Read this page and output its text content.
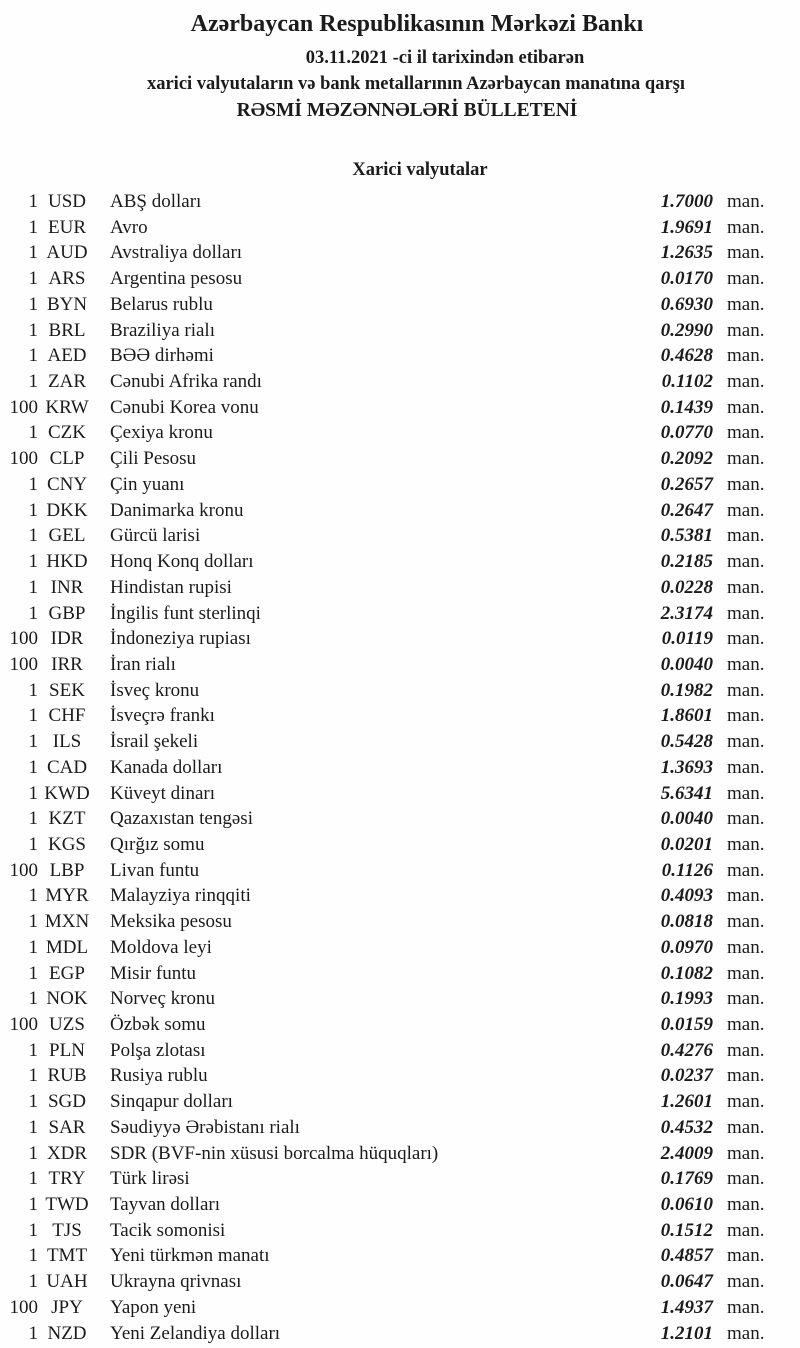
Azərbaycan Respublikasının Mərkəzi Bankı
03.11.2021 -ci il tarixindən etibarən
xarici valyutaların və bank metallarının Azərbaycan manatına qarşı
RƏSMİ MƏZƏNNƏLƏRİ BÜLLETENİ
Xarici valyutalar
1 USD	ABŞ dolları	1.7000 man.
1 EUR	Avro	1.9691 man.
1 AUD	Avstraliya dolları	1.2635 man.
1 ARS	Argentina pesosu	0.0170 man.
1 BYN	Belarus rublu	0.6930 man.
1 BRL	Braziliya rialı	0.2990 man.
1 AED	BƏƏ dirhəmi	0.4628 man.
1 ZAR	Cənubi Afrika randı	0.1102 man.
100 KRW	Cənubi Korea vonu	0.1439 man.
1 CZK	Çexiya kronu	0.0770 man.
100 CLP	Çili Pesosu	0.2092 man.
1 CNY	Çin yuanı	0.2657 man.
1 DKK	Danimarka kronu	0.2647 man.
1 GEL	Gürcü larisi	0.5381 man.
1 HKD	Honq Konq dolları	0.2185 man.
1 INR	Hindistan rupisi	0.0228 man.
1 GBP	İngilis funt sterlinqi	2.3174 man.
100 IDR	İndoneziya rupiası	0.0119 man.
100 IRR	İran rialı	0.0040 man.
1 SEK	İsveç kronu	0.1982 man.
1 CHF	İsveçrə frankı	1.8601 man.
1 ILS	İsrail şekeli	0.5428 man.
1 CAD	Kanada dolları	1.3693 man.
1 KWD	Küveyt dinarı	5.6341 man.
1 KZT	Qazaxıstan tengəsi	0.0040 man.
1 KGS	Qırğız somu	0.0201 man.
100 LBP	Livan funtu	0.1126 man.
1 MYR	Malayziya rinqqiti	0.4093 man.
1 MXN	Meksika pesosu	0.0818 man.
1 MDL	Moldova leyi	0.0970 man.
1 EGP	Misir funtu	0.1082 man.
1 NOK	Norveç kronu	0.1993 man.
100 UZS	Özbək somu	0.0159 man.
1 PLN	Polşa zlotası	0.4276 man.
1 RUB	Rusiya rublu	0.0237 man.
1 SGD	Sinqapur dolları	1.2601 man.
1 SAR	Səudiyyə Ərəbistanı rialı	0.4532 man.
1 XDR	SDR (BVF-nin xüsusi borcalma hüquqları)	2.4009 man.
1 TRY	Türk lirəsi	0.1769 man.
1 TWD	Tayvan dolları	0.0610 man.
1 TJS	Tacik somonisi	0.1512 man.
1 TMT	Yeni türkmən manatı	0.4857 man.
1 UAH	Ukrayna qrivnası	0.0647 man.
100 JPY	Yapon yeni	1.4937 man.
1 NZD	Yeni Zelandiya dolları	1.2101 man.
